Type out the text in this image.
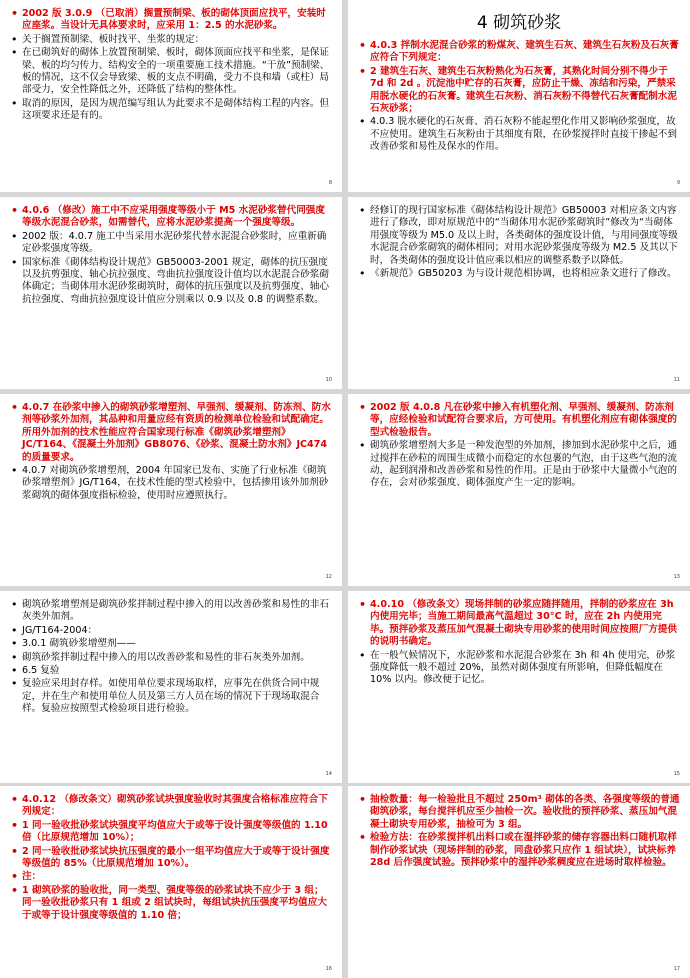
• 2002 版 3.0.9 （已取消）搁置预制梁、板的砌体顶面应找平，安装时应座浆。当设计无具体要求时，应采用 1：2.5 的水泥砂浆。
• 关于搁置预制梁、板时找平、坐浆的规定：
• 在已砌筑好的砌体上放置预制梁、板时，砌体顶面应找平和坐浆，是保证梁、板的均匀传力、结构安全的一项重要施工技术措施。“干放”预制梁、板的情况，这不仅会导致梁、板的支点不明确，受力不良和墙（或柱）局部受力，安全性降低之外，还降低了结构的整体性。
• 取消的原因，是因为规范编写组认为此要求不是砌体结构工程的内容。但这项要求还是有的。
8
4 砌筑砂浆
• 4.0.3 拌制水泥混合砂浆的粉煤灰、建筑生石灰、建筑生石灰粉及石灰膏应符合下列规定：
• 2 建筑生石灰、建筑生石灰粉熟化为石灰膏，其熟化时间分别不得少于 7d 和 2d 。沉淀池中贮存的石灰膏，应防止干燥、冻结和污染，严禁采用脱水硬化的石灰膏。建筑生石灰粉、消石灰粉不得替代石灰膏配制水泥石灰砂浆；
• 4.0.3 脱水硬化的石灰膏、消石灰粉不能起塑化作用又影响砂浆强度，故不应使用。建筑生石灰粉由于其细度有限，在砂浆搅拌时直接干掺起不到改善砂浆和易性及保水的作用。
9
• 4.0.6 （修改）施工中不应采用强度等级小于 M5 水泥砂浆替代同强度等级水泥混合砂浆，如需替代，应将水泥砂浆提高一个强度等级。
• 2002 版：4.0.7 施工中当采用水泥砂浆代替水泥混合砂浆时，应重新确定砂浆强度等级。
• 国家标准《砌体结构设计规范》GB50003-2001 规定，砌体的抗压强度以及抗剪强度、轴心抗拉强度、弯曲抗拉强度设计值均以水泥混合砂浆砌体确定；当砌体用水泥砂浆砌筑时，砌体的抗压强度以及抗剪强度、轴心抗拉强度、弯曲抗拉强度设计值应分别乘以 0.9 以及 0.8 的调整系数。
10
• 经修订的现行国家标准《砌体结构设计规范》GB50003 对相应条文内容进行了修改，即对原规范中的“当砌体用水泥砂浆砌筑时”修改为“当砌体用强度等级为 M5.0 及以上时，各类砌体的强度设计值，与用同强度等级水泥混合砂浆砌筑的砌体相同；对用水泥砂浆强度等级为 M2.5 及其以下时，各类砌体的强度设计值应乘以相应的调整系数予以降低。
• 《新规范》GB50203 为与设计规范相协调，也将相应条文进行了修改。
11
• 4.0.7 在砂浆中掺入的砌筑砂浆增塑剂、早强剂、缓凝剂、防冻剂、防水剂等砂浆外加剂，其品种和用量应经有资质的检测单位检验和试配确定。所用外加剂的技术性能应符合国家现行标准《砌筑砂浆增塑剂》JC/T164、《混凝土外加剂》GB8076、《砂浆、混凝土防水剂》JC474 的质量要求。
• 4.0.7 对砌筑砂浆增塑剂，2004 年国家已发布、实施了行业标准《砌筑砂浆增塑剂》JG/T164，在技术性能的型式检验中，包括掺用该外加剂砂浆砌筑的砌体强度指标检验，使用时应遵照执行。
12
• 2002 版 4.0.8 凡在砂浆中掺入有机塑化剂、早强剂、缓凝剂、防冻剂等，应经检验和试配符合要求后，方可使用。有机塑化剂应有砌体强度的型式检验报告。
• 砌筑砂浆增塑剂大多是一种发泡型的外加剂，掺加到水泥砂浆中之后，通过搅拌在砂粒的周围生成微小而稳定的水包裹的气泡，由于这些气泡的流动，起到润滑和改善砂浆和易性的作用。正是由于砂浆中大量微小气泡的存在，会对砂浆强度、砌体强度产生一定的影响。
13
• 砌筑砂浆增塑剂是砌筑砂浆拌制过程中掺入的用以改善砂浆和易性的非石灰类外加剂。
• JG/T164-2004：
• 3.0.1 砌筑砂浆增塑剂——
• 砌筑砂浆拌制过程中掺入的用以改善砂浆和易性的非石灰类外加剂。
• 6.5 复验
• 复验应采用封存样。如使用单位要求现场取样，应事先在供货合同中规定，并在生产和使用单位人员及第三方人员在场的情况下于现场取混合样。复验应按照型式检验项目进行检验。
14
• 4.0.10 （修改条文）现场拌制的砂浆应随拌随用，拌制的砂浆应在 3h 内使用完毕；当施工期间最高气温超过 30°C 时，应在 2h 内使用完毕。预拌砂浆及蒸压加气混凝土砌块专用砂浆的使用时间应按照厂方提供的说明书确定。
• 在一般气候情况下，水泥砂浆和水泥混合砂浆在 3h 和 4h 使用完，砂浆强度降低一般不超过 20%，虽然对砌体强度有所影响，但降低幅度在 10% 以内。修改便于记忆。
15
• 4.0.12 （修改条文）砌筑砂浆试块强度验收时其强度合格标准应符合下列规定：
• 1 同一验收批砂浆试块强度平均值应大于或等于设计强度等级值的 1.10 倍（比原规范增加 10%）；
• 2 同一验收批砂浆试块抗压强度的最小一组平均值应大于或等于设计强度等级值的 85%（比原规范增加 10%）。
• 注：
• 1 砌筑砂浆的验收批，同一类型、强度等级的砂浆试块不应少于 3 组；同一验收批砂浆只有 1 组或 2 组试块时，每组试块抗压强度平均值应大于或等于设计强度等级值的 1.10 倍；
16
• 抽检数量：每一检验批且不超过 250m³ 砌体的各类、各强度等级的普通砌筑砂浆，每台搅拌机应至少抽检一次。验收批的预拌砂浆、蒸压加气混凝土砌块专用砂浆，抽检可为 3 组。
• 检验方法：在砂浆搅拌机出料口或在湿拌砂浆的储存容器出料口随机取样制作砂浆试块（现场拌制的砂浆，同盘砂浆只应作 1 组试块），试块标养 28d 后作强度试验。预拌砂浆中的湿拌砂浆稠度应在进场时取样检验。
17
